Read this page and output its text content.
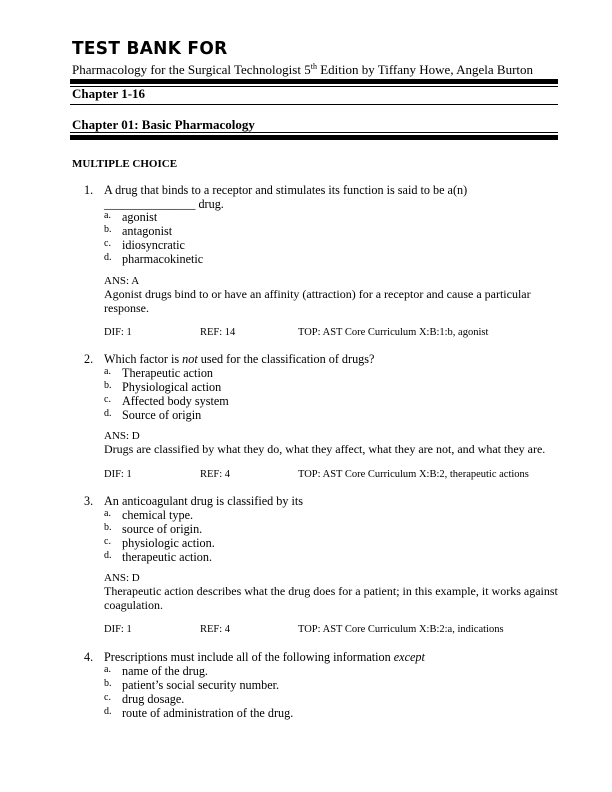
TEST BANK FOR
Pharmacology for the Surgical Technologist 5th Edition by Tiffany Howe, Angela Burton
Chapter 1-16
Chapter 01: Basic Pharmacology
MULTIPLE CHOICE
1. A drug that binds to a receptor and stimulates its function is said to be a(n) _______________ drug.
a. agonist
b. antagonist
c. idiosyncratic
d. pharmacokinetic
ANS: A
Agonist drugs bind to or have an affinity (attraction) for a receptor and cause a particular response.
DIF: 1	REF: 14	TOP: AST Core Curriculum X:B:1:b, agonist
2. Which factor is not used for the classification of drugs?
a. Therapeutic action
b. Physiological action
c. Affected body system
d. Source of origin
ANS: D
Drugs are classified by what they do, what they affect, what they are not, and what they are.
DIF: 1	REF: 4	TOP: AST Core Curriculum X:B:2, therapeutic actions
3. An anticoagulant drug is classified by its
a. chemical type.
b. source of origin.
c. physiologic action.
d. therapeutic action.
ANS: D
Therapeutic action describes what the drug does for a patient; in this example, it works against coagulation.
DIF: 1	REF: 4	TOP: AST Core Curriculum X:B:2:a, indications
4. Prescriptions must include all of the following information except
a. name of the drug.
b. patient’s social security number.
c. drug dosage.
d. route of administration of the drug.
